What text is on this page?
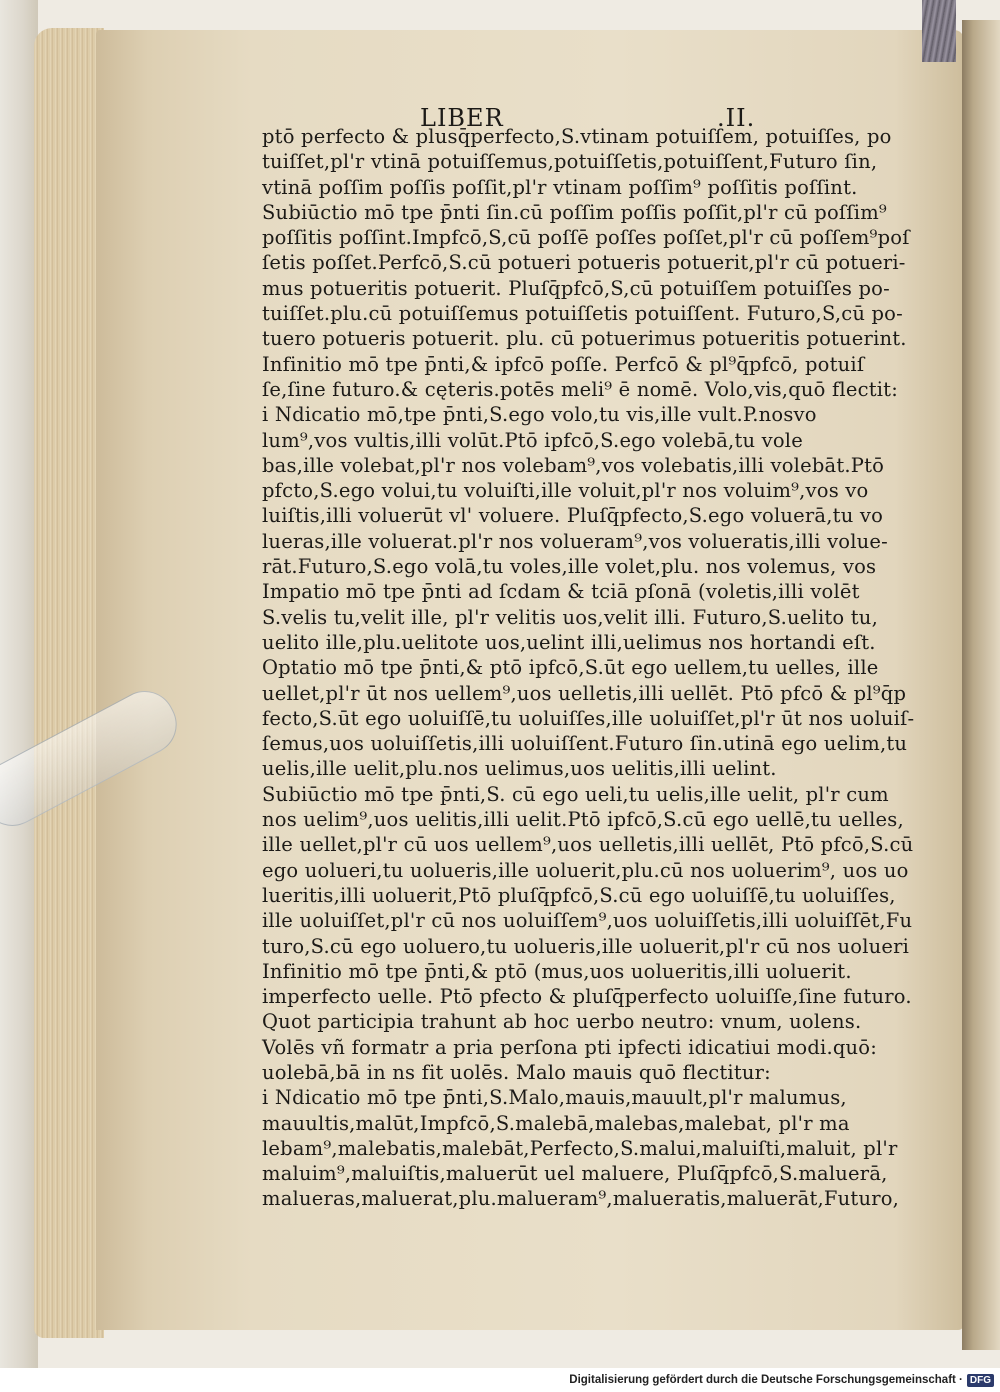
LIBER	.II.
ptō perfecto & plusq̄perfecto,S.vtinam potuiſſem, potuiſſes, po
tuiſſet,pl'r vtinā potuiſſemus,potuiſſetis,potuiſſent,Futuro ſin,
vtinā poſſim poſſis poſſit,pl'r vtinam poſſim⁹ poſſitis poſſint.
Subiūctio mō tpe p̄nti ſin.cū poſſim poſſis poſſit,pl'r cū poſſim⁹
poſſitis poſſint.Impfcō,S,cū poſſē poſſes poſſet,pl'r cū poſſem⁹poſ
ſetis poſſet.Perfcō,S.cū potueri potueris potuerit,pl'r cū potueri-
mus potueritis potuerit. Pluſq̄pfcō,S,cū potuiſſem potuiſſes po-
tuiſſet.plu.cū potuiſſemus potuiſſetis potuiſſent. Futuro,S,cū po-
tuero potueris potuerit. plu. cū potuerimus potueritis potuerint.
Infinitio mō tpe p̄nti,& ipfcō poſſe. Perfcō & pl⁹q̄pfcō, potuiſ
ſe,ſine futuro.& cęteris.potēs meli⁹ ē nomē. Volo,vis,quō flectit:
i Ndicatio mō,tpe p̄nti,S.ego volo,tu vis,ille vult.P.nosvo
lum⁹,vos vultis,illi volūt.Ptō ipfcō,S.ego volebā,tu vole
bas,ille volebat,pl'r nos volebam⁹,vos volebatis,illi volebāt.Ptō
pfcto,S.ego volui,tu voluiſti,ille voluit,pl'r nos voluim⁹,vos vo
luiſtis,illi voluerūt vl' voluere. Pluſq̄pfecto,S.ego voluerā,tu vo
lueras,ille voluerat.pl'r nos volueram⁹,vos volueratis,illi volue-
rāt.Futuro,S.ego volā,tu voles,ille volet,plu. nos volemus, vos
Impatio mō tpe p̄nti ad ſcdam & tciā pſonā (voletis,illi volēt
S.velis tu,velit ille, pl'r velitis uos,velit illi. Futuro,S.uelito tu,
uelito ille,plu.uelitote uos,uelint illi,uelimus nos hortandi eſt.
Optatio mō tpe p̄nti,& ptō ipfcō,S.ūt ego uellem,tu uelles, ille
uellet,pl'r ūt nos uellem⁹,uos uelletis,illi uellēt. Ptō pfcō & pl⁹q̄p
fecto,S.ūt ego uoluiſſē,tu uoluiſſes,ille uoluiſſet,pl'r ūt nos uoluiſ-
ſemus,uos uoluiſſetis,illi uoluiſſent.Futuro ſin.utinā ego uelim,tu
uelis,ille uelit,plu.nos uelimus,uos uelitis,illi uelint.
Subiūctio mō tpe p̄nti,S. cū ego ueli,tu uelis,ille uelit, pl'r cum
nos uelim⁹,uos uelitis,illi uelit.Ptō ipfcō,S.cū ego uellē,tu uelles,
ille uellet,pl'r cū uos uellem⁹,uos uelletis,illi uellēt, Ptō pfcō,S.cū
ego uolueri,tu uolueris,ille uoluerit,plu.cū nos uoluerim⁹, uos uo
lueritis,illi uoluerit,Ptō pluſq̄pfcō,S.cū ego uoluiſſē,tu uoluiſſes,
ille uoluiſſet,pl'r cū nos uoluiſſem⁹,uos uoluiſſetis,illi uoluiſſēt,Fu
turo,S.cū ego uoluero,tu uolueris,ille uoluerit,pl'r cū nos uolueri
Infinitio mō tpe p̄nti,& ptō (mus,uos uolueritis,illi uoluerit.
imperfecto uelle. Ptō pfecto & pluſq̄perfecto uoluiſſe,ſine futuro.
Quot participia trahunt ab hoc uerbo neutro: vnum, uolens.
Volēs vñ formatr a pria perſona pti ipfecti idicatiui modi.quō:
uolebā,bā in ns fit uolēs. Malo mauis quō flectitur:
i Ndicatio mō tpe p̄nti,S.Malo,mauis,mauult,pl'r malumus,
mauultis,malūt,Impfcō,S.malebā,malebas,malebat, pl'r ma
lebam⁹,malebatis,malebāt,Perfecto,S.malui,maluiſti,maluit, pl'r
maluim⁹,maluiſtis,maluerūt uel maluere, Pluſq̄pfcō,S.maluerā,
malueras,maluerat,plu.malueram⁹,malueratis,maluerāt,Futuro,
Digitalisierung gefördert durch die Deutsche Forschungsgemeinschaft · DFG
